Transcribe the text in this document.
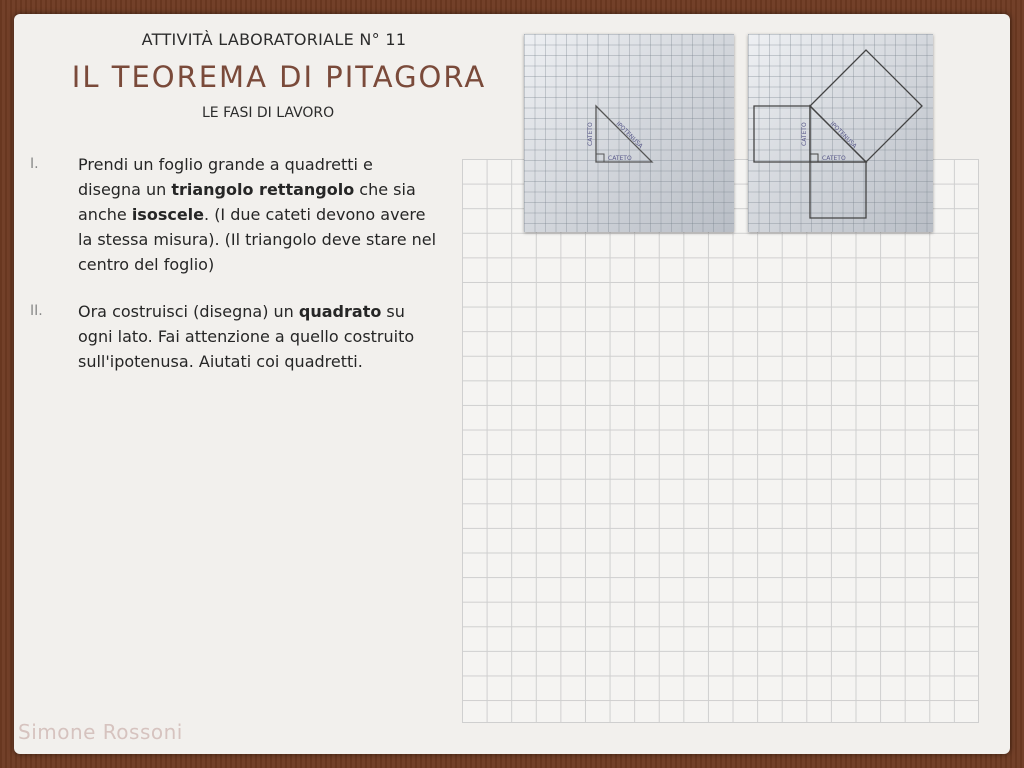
ATTIVITÀ LABORATORIALE N° 11
IL TEOREMA DI PITAGORA
LE FASI DI LAVORO
I.	Prendi un foglio grande a quadretti e disegna un triangolo rettangolo che sia anche isoscele. (I due cateti devono avere la stessa misura). (Il triangolo deve stare nel centro del foglio)
II.	Ora costruisci (disegna) un quadrato su ogni lato. Fai attenzione a quello costruito sull'ipotenusa. Aiutati coi quadretti.
CATETO
CATETO	IPOTENUSA
CATETO
CATETO	IPOTENUSA
Simone Rossoni
